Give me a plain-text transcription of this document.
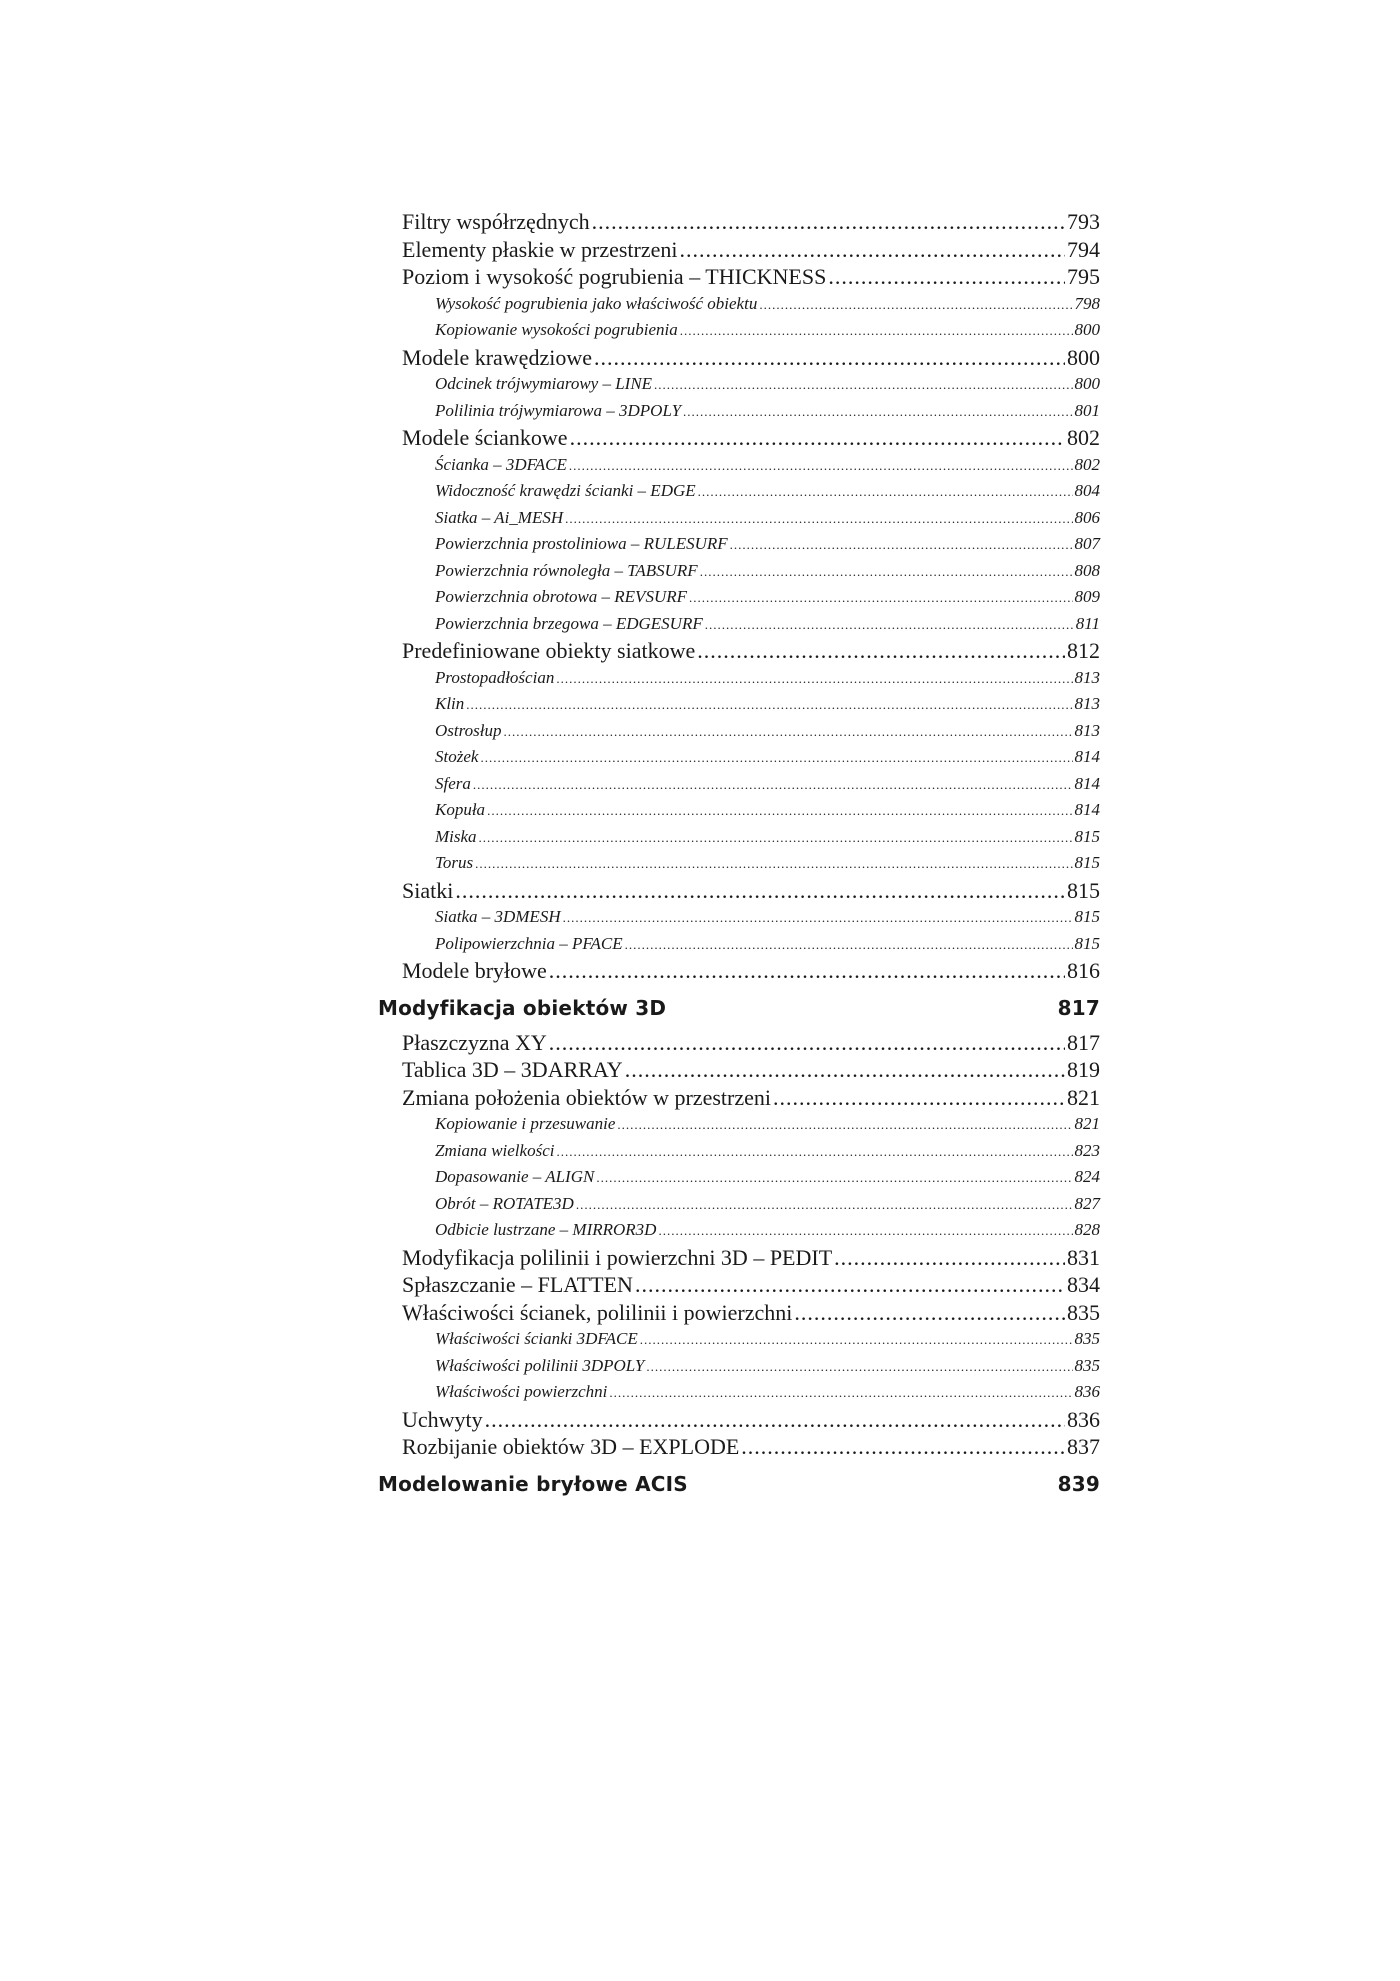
Filtry współrzędnych .....	793
Elementy płaskie w przestrzeni .....	794
Poziom i wysokość pogrubienia – THICKNESS .....	795
Wysokość pogrubienia jako właściwość obiektu .....	798
Kopiowanie wysokości pogrubienia .....	800
Modele krawędziowe .....	800
Odcinek trójwymiarowy – LINE .....	800
Polilinia trójwymiarowa – 3DPOLY .....	801
Modele ściankowe .....	802
Ścianka – 3DFACE .....	802
Widoczność krawędzi ścianki – EDGE .....	804
Siatka – Ai_MESH .....	806
Powierzchnia prostoliniowa – RULESURF .....	807
Powierzchnia równoległa – TABSURF .....	808
Powierzchnia obrotowa – REVSURF .....	809
Powierzchnia brzegowa – EDGESURF .....	811
Predefiniowane obiekty siatkowe .....	812
Prostopadłościan .....	813
Klin .....	813
Ostrosłup .....	813
Stożek .....	814
Sfera .....	814
Kopuła .....	814
Miska .....	815
Torus .....	815
Siatki .....	815
Siatka – 3DMESH .....	815
Polipowierzchnia – PFACE .....	815
Modele bryłowe .....	816
Modyfikacja obiektów 3D	817
Płaszczyzna XY .....	817
Tablica 3D – 3DARRAY .....	819
Zmiana położenia obiektów w przestrzeni .....	821
Kopiowanie i przesuwanie .....	821
Zmiana wielkości .....	823
Dopasowanie – ALIGN .....	824
Obrót – ROTATE3D .....	827
Odbicie lustrzane – MIRROR3D .....	828
Modyfikacja polilinii i powierzchni 3D – PEDIT .....	831
Spłaszczanie – FLATTEN .....	834
Właściwości ścianek, polilinii i powierzchni .....	835
Właściwości ścianki 3DFACE .....	835
Właściwości polilinii 3DPOLY .....	835
Właściwości powierzchni .....	836
Uchwyty .....	836
Rozbijanie obiektów 3D – EXPLODE .....	837
Modelowanie bryłowe ACIS	839
